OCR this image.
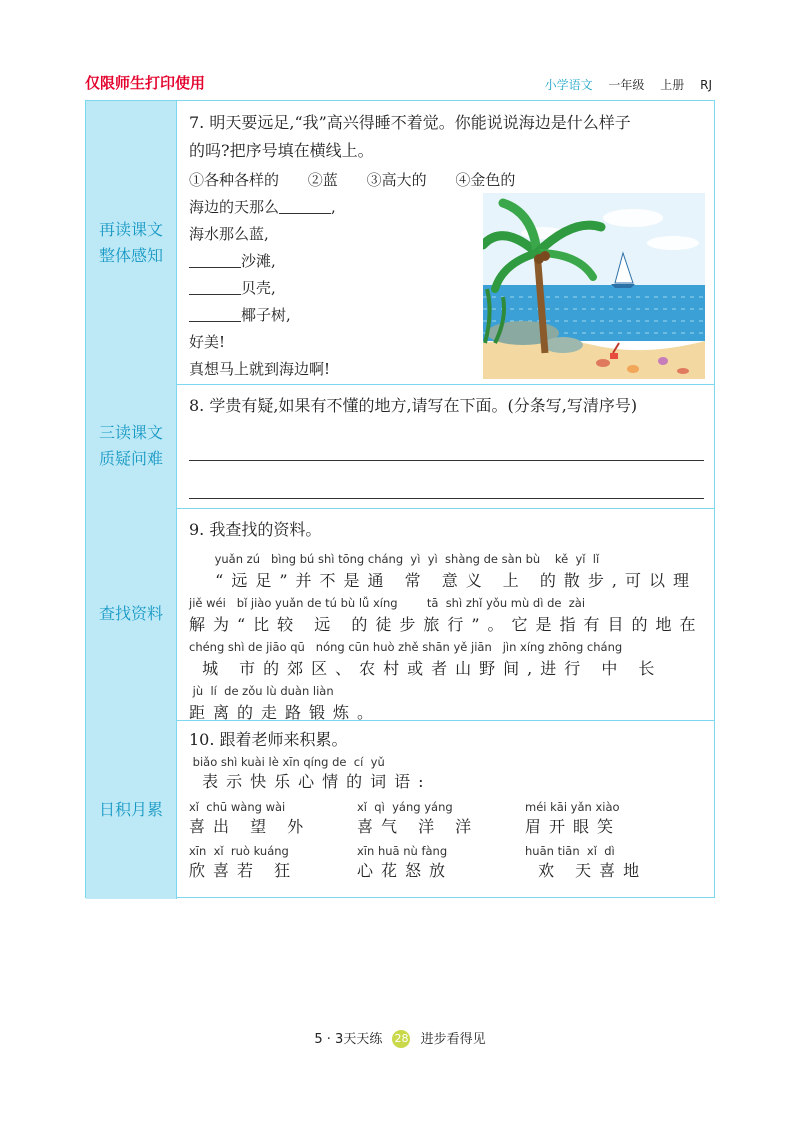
仅限师生打印使用	小学语文 一年级 上册 RJ
再读课文
整体感知
7. 明天要远足,“我”高兴得睡不着觉。你能说说海边是什么样子
的吗?把序号填在横线上。
①各种各样的 ②蓝 ③高大的 ④金色的
海边的天那么	,
海水那么蓝,
沙滩,
贝壳,
椰子树,
好美!
真想马上就到海边啊!
三读课文
质疑问难
8. 学贵有疑,如果有不懂的地方,请写在下面。(分条写,写清序号)
查找资料
9. 我查找的资料。
yuǎn zú   bìng bú shì tōng cháng  yì  yì  shàng de sàn bù    kě  yǐ  lǐ
“远足”并不是通 常 意义 上 的散步,可以理
jiě wéi   bǐ jiào yuǎn de tú bù lǚ xíng        tā  shì zhǐ yǒu mù dì de  zài
解为“比较 远 的徒步旅行”。它是指有目的地在
chéng shì de jiāo qū   nóng cūn huò zhě shān yě jiān   jìn xíng zhōng cháng
城 市的郊区、农村或者山野间,进行 中 长
jù  lí  de zǒu lù duàn liàn
距离的走路锻炼。
日积月累
10. 跟着老师来积累。
biǎo shì kuài lè xīn qíng de  cí  yǔ
表示快乐心情的词语:
xǐ  chū wàng wài
喜出 望 外
xǐ  qì  yáng yáng
喜气 洋 洋
méi kāi yǎn xiào
眉开眼笑
xīn  xǐ  ruò kuáng
欣喜若 狂
xīn huā nù fàng
心花怒放
huān tiān  xǐ  dì
欢 天喜地
5 · 3天天练 28 进步看得见
